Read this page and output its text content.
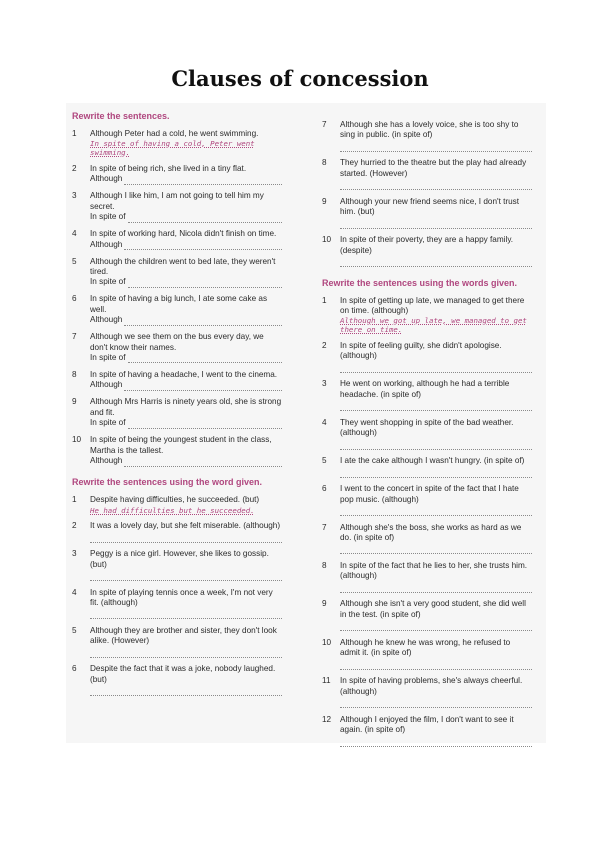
Clauses of concession
Rewrite the sentences.
1	Although Peter had a cold, he went swimming.
In spite of having a cold, Peter went swimming.
2	In spite of being rich, she lived in a tiny flat.
Although
3	Although I like him, I am not going to tell him my secret.
In spite of
4	In spite of working hard, Nicola didn't finish on time.
Although
5	Although the children went to bed late, they weren't tired.
In spite of
6	In spite of having a big lunch, I ate some cake as well.
Although
7	Although we see them on the bus every day, we don't know their names.
In spite of
8	In spite of having a headache, I went to the cinema.
Although
9	Although Mrs Harris is ninety years old, she is strong and fit.
In spite of
10	In spite of being the youngest student in the class, Martha is the tallest.
Although
Rewrite the sentences using the word given.
1	Despite having difficulties, he succeeded. (but)
He had difficulties but he succeeded.
2	It was a lovely day, but she felt miserable. (although)
3	Peggy is a nice girl. However, she likes to gossip. (but)
4	In spite of playing tennis once a week, I'm not very fit. (although)
5	Although they are brother and sister, they don't look alike. (However)
6	Despite the fact that it was a joke, nobody laughed. (but)
7	Although she has a lovely voice, she is too shy to sing in public. (in spite of)
8	They hurried to the theatre but the play had already started. (However)
9	Although your new friend seems nice, I don't trust him. (but)
10	In spite of their poverty, they are a happy family. (despite)
Rewrite the sentences using the words given.
1	In spite of getting up late, we managed to get there on time. (although)
Although we got up late, we managed to get there on time.
2	In spite of feeling guilty, she didn't apologise. (although)
3	He went on working, although he had a terrible headache. (in spite of)
4	They went shopping in spite of the bad weather. (although)
5	I ate the cake although I wasn't hungry. (in spite of)
6	I went to the concert in spite of the fact that I hate pop music. (although)
7	Although she's the boss, she works as hard as we do. (in spite of)
8	In spite of the fact that he lies to her, she trusts him. (although)
9	Although she isn't a very good student, she did well in the test. (in spite of)
10	Although he knew he was wrong, he refused to admit it. (in spite of)
11	In spite of having problems, she's always cheerful. (although)
12	Although I enjoyed the film, I don't want to see it again. (in spite of)
